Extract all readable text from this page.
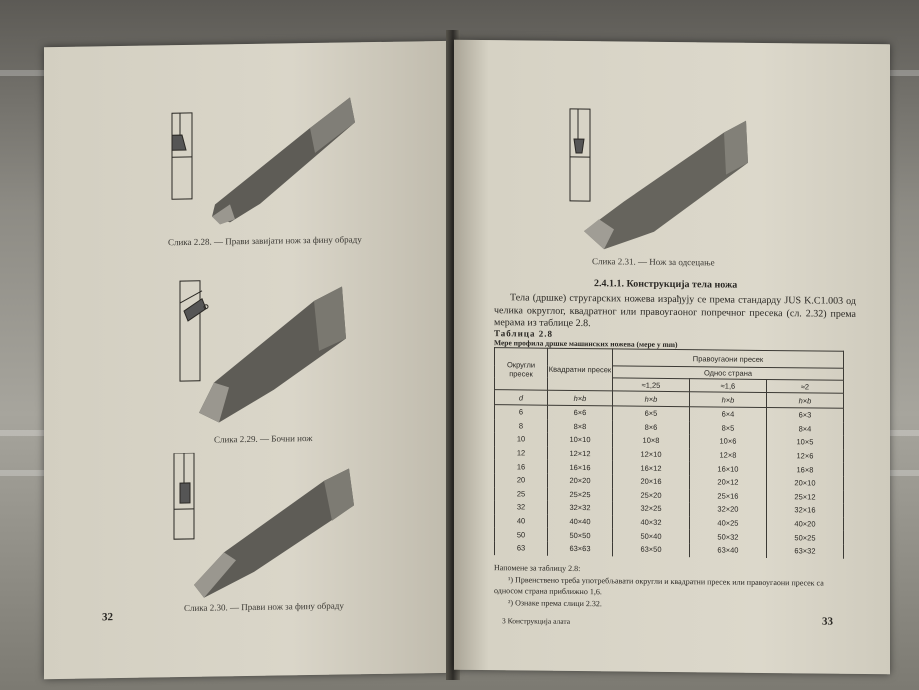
Слика 2.28. — Прави завијати нож за фину обраду
Слика 2.29. — Бочни нож
Слика 2.30. — Прави нож за фину обраду
32
Слика 2.31. — Нож за одсецање
2.4.1.1. Конструкција тела ножа
Тела (дршке) стругарских ножева израђују се према стандарду JUS K.C1.003 од челика округлог, квадратног или правоугаоног попречног пресека (сл. 2.32) према мерама из таблице 2.8.
Таблица 2.8
Мере профила дршке машинских ножева (мере у mm)
Округли пресек	Квадратни пресек	Правоугаони пресек		
		Однос страна		
		≈1,25	≈1,6	≈2
d	h×b	h×b	h×b	h×b
6	6×6	6×5	6×4	6×3
8	8×8	8×6	8×5	8×4
10	10×10	10×8	10×6	10×5
12	12×12	12×10	12×8	12×6
16	16×16	16×12	16×10	16×8
20	20×20	20×16	20×12	20×10
25	25×25	25×20	25×16	25×12
32	32×32	32×25	32×20	32×16
40	40×40	40×32	40×25	40×20
50	50×50	50×40	50×32	50×25
63	63×63	63×50	63×40	63×32
Напомене за таблицу 2.8:
¹) Првенствено треба употребљавати округли и квадратни пресек или правоугаони пресек са односом страна приближно 1,6.
²) Ознаке према слици 2.32.
3 Конструкција алата	33
